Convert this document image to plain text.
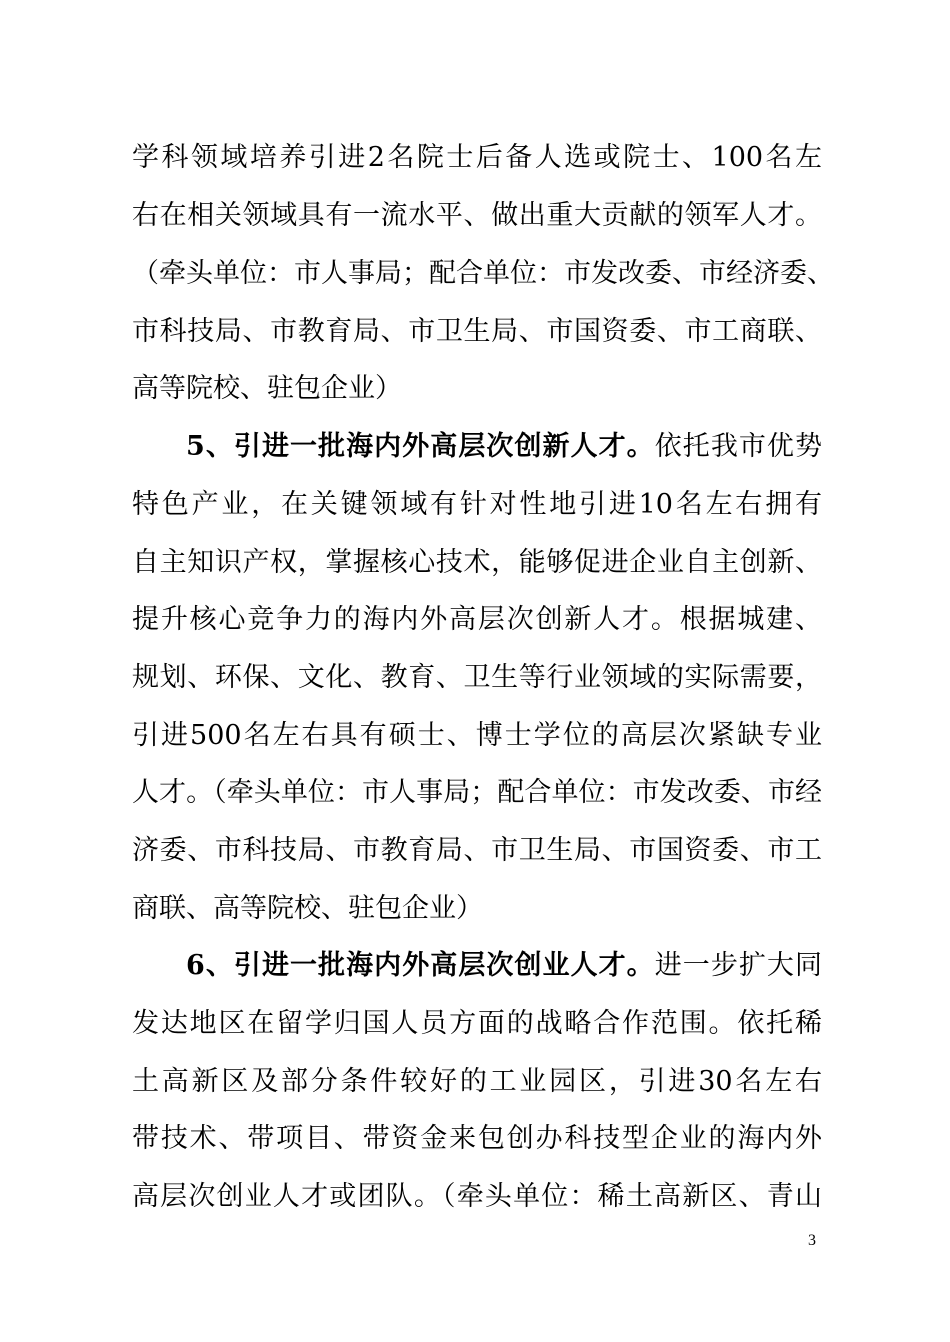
学科领域培养引进2名院士后备人选或院士、100名左
右在相关领域具有一流水平、做出重大贡献的领军人才。
（牵头单位：市人事局；配合单位：市发改委、市经济委、
市科技局、市教育局、市卫生局、市国资委、市工商联、
高等院校、驻包企业）
5、引进一批海内外高层次创新人才。依托我市优势
特色产业，在关键领域有针对性地引进10名左右拥有
自主知识产权，掌握核心技术，能够促进企业自主创新、
提升核心竞争力的海内外高层次创新人才。根据城建、
规划、环保、文化、教育、卫生等行业领域的实际需要，
引进500名左右具有硕士、博士学位的高层次紧缺专业
人才。（牵头单位：市人事局；配合单位：市发改委、市经
济委、市科技局、市教育局、市卫生局、市国资委、市工
商联、高等院校、驻包企业）
6、引进一批海内外高层次创业人才。进一步扩大同
发达地区在留学归国人员方面的战略合作范围。依托稀
土高新区及部分条件较好的工业园区，引进30名左右
带技术、带项目、带资金来包创办科技型企业的海内外
高层次创业人才或团队。（牵头单位：稀土高新区、青山
3
